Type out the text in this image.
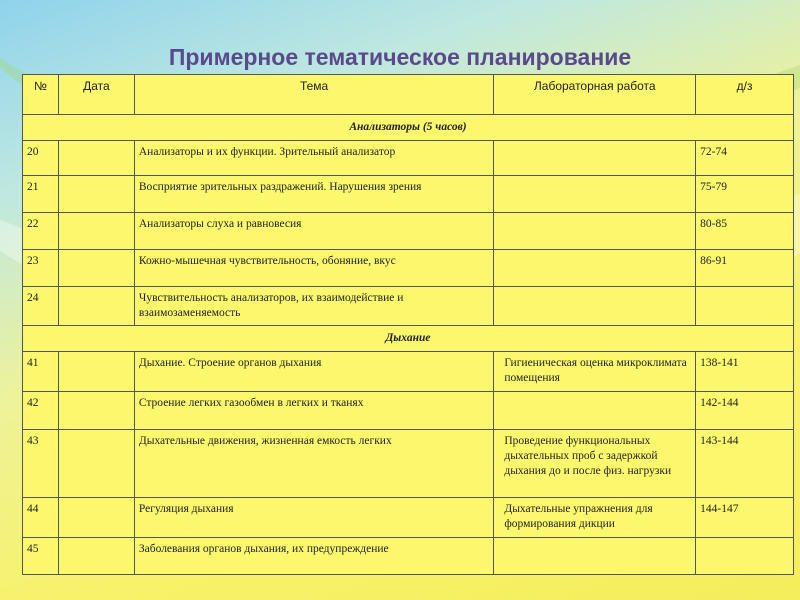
Примерное тематическое планирование
№	Дата	Тема	Лабораторная работа	д/з
Анализаторы (5 часов)				
20		Анализаторы и их функции. Зрительный анализатор		72-74
21		Восприятие зрительных раздражений. Нарушения зрения		75-79
22		Анализаторы слуха и равновесия		80-85
23		Кожно-мышечная чувствительность, обоняние, вкус		86-91
24		Чувствительность анализаторов, их взаимодействие и взаимозаменяемость		
Дыхание				
41		Дыхание. Строение органов дыхания	Гигиеническая оценка микроклимата помещения	138-141
42		Строение легких газообмен в легких и тканях		142-144
43		Дыхательные движения, жизненная емкость легких	Проведение функциональных дыхательных проб с задержкой дыхания до и после физ. нагрузки	143-144
44		Регуляция дыхания	Дыхательные упражнения для формирования дикции	144-147
45		Заболевания органов дыхания, их предупреждение		
